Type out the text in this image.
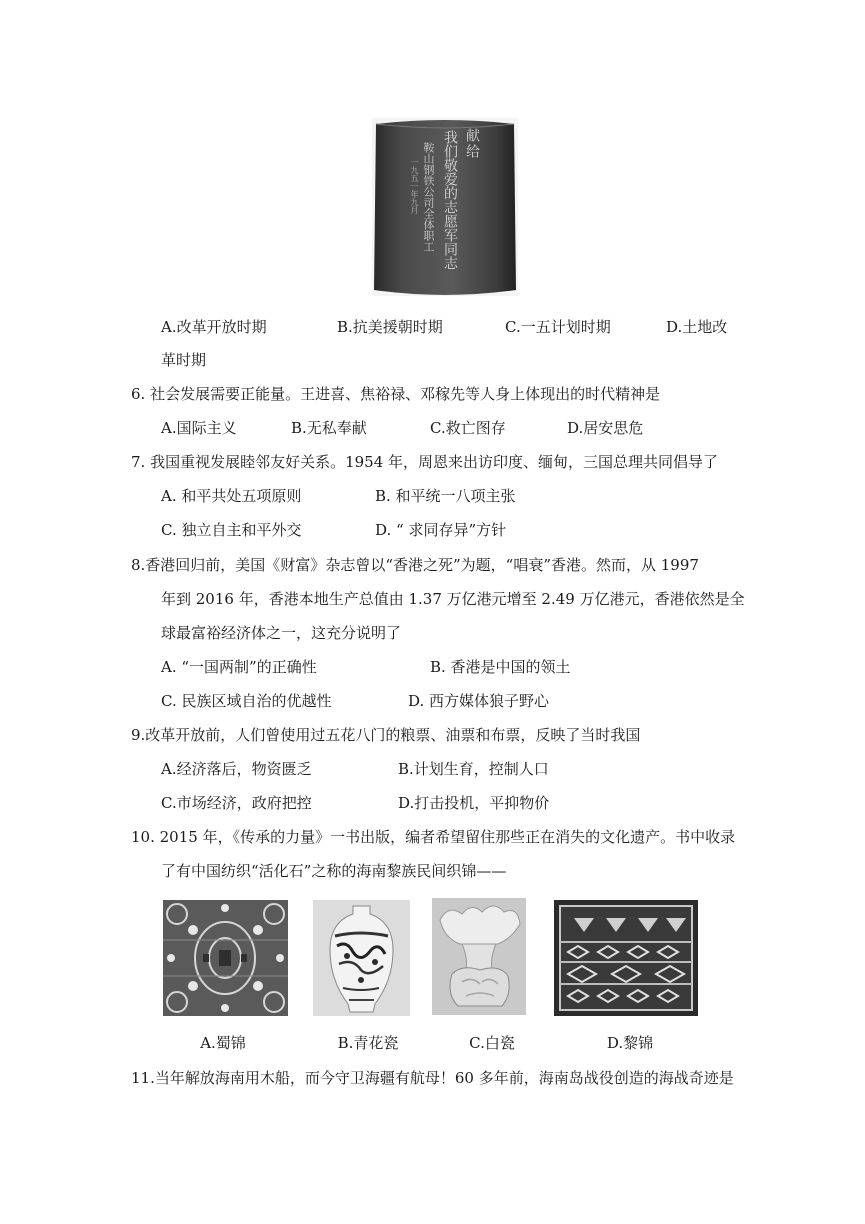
献给
我们敬爱的志愿军同志
鞍山钢铁公司全体职工
一九五一年九月
A.改革开放时期	B.抗美援朝时期	C.一五计划时期	D.土地改
革时期
6. 社会发展需要正能量。王进喜、焦裕禄、邓稼先等人身上体现出的时代精神是
A.国际主义	B.无私奉献	C.救亡图存	D.居安思危
7. 我国重视发展睦邻友好关系。1954 年，周恩来出访印度、缅甸，三国总理共同倡导了
A. 和平共处五项原则	B. 和平统一八项主张
C. 独立自主和平外交	D. “ 求同存异”方针
8.香港回归前，美国《财富》杂志曾以“香港之死”为题，“唱衰”香港。然而，从 1997
年到 2016 年，香港本地生产总值由 1.37 万亿港元增至 2.49 万亿港元，香港依然是全
球最富裕经济体之一，这充分说明了
A. “一国两制”的正确性	B. 香港是中国的领土
C. 民族区域自治的优越性	D. 西方媒体狼子野心
9.改革开放前，人们曾使用过五花八门的粮票、油票和布票，反映了当时我国
A.经济落后，物资匮乏	B.计划生育，控制人口
C.市场经济，政府把控	D.打击投机，平抑物价
10. 2015 年，《传承的力量》一书出版，编者希望留住那些正在消失的文化遗产。书中收录
了有中国纺织“活化石”之称的海南黎族民间织锦——
A.蜀锦	B.青花瓷	C.白瓷	D.黎锦
11.当年解放海南用木船，而今守卫海疆有航母！60 多年前，海南岛战役创造的海战奇迹是
